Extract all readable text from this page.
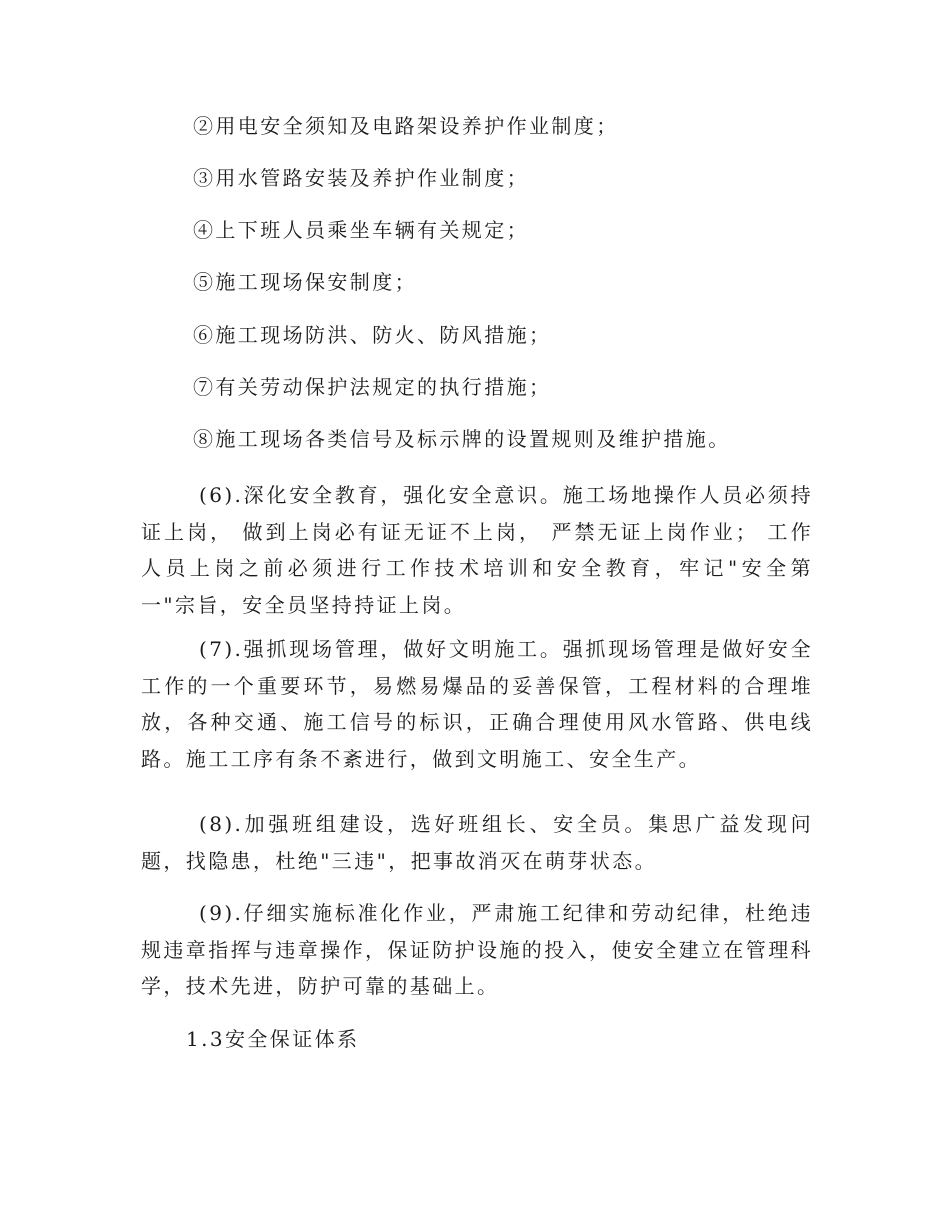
②用电安全须知及电路架设养护作业制度；
③用水管路安装及养护作业制度；
④上下班人员乘坐车辆有关规定；
⑤施工现场保安制度；
⑥施工现场防洪、防火、防风措施；
⑦有关劳动保护法规定的执行措施；
⑧施工现场各类信号及标示牌的设置规则及维护措施。
(6).深化安全教育，强化安全意识。施工场地操作人员必须持证上岗， 做到上岗必有证无证不上岗， 严禁无证上岗作业； 工作人员上岗之前必须进行工作技术培训和安全教育，牢记"安全第一"宗旨，安全员坚持持证上岗。
(7).强抓现场管理，做好文明施工。强抓现场管理是做好安全工作的一个重要环节，易燃易爆品的妥善保管，工程材料的合理堆放，各种交通、施工信号的标识，正确合理使用风水管路、供电线路。施工工序有条不紊进行，做到文明施工、安全生产。
(8).加强班组建设，选好班组长、安全员。集思广益发现问题，找隐患，杜绝"三违"，把事故消灭在萌芽状态。
(9).仔细实施标准化作业，严肃施工纪律和劳动纪律，杜绝违规违章指挥与违章操作，保证防护设施的投入，使安全建立在管理科学，技术先进，防护可靠的基础上。
1.3安全保证体系
